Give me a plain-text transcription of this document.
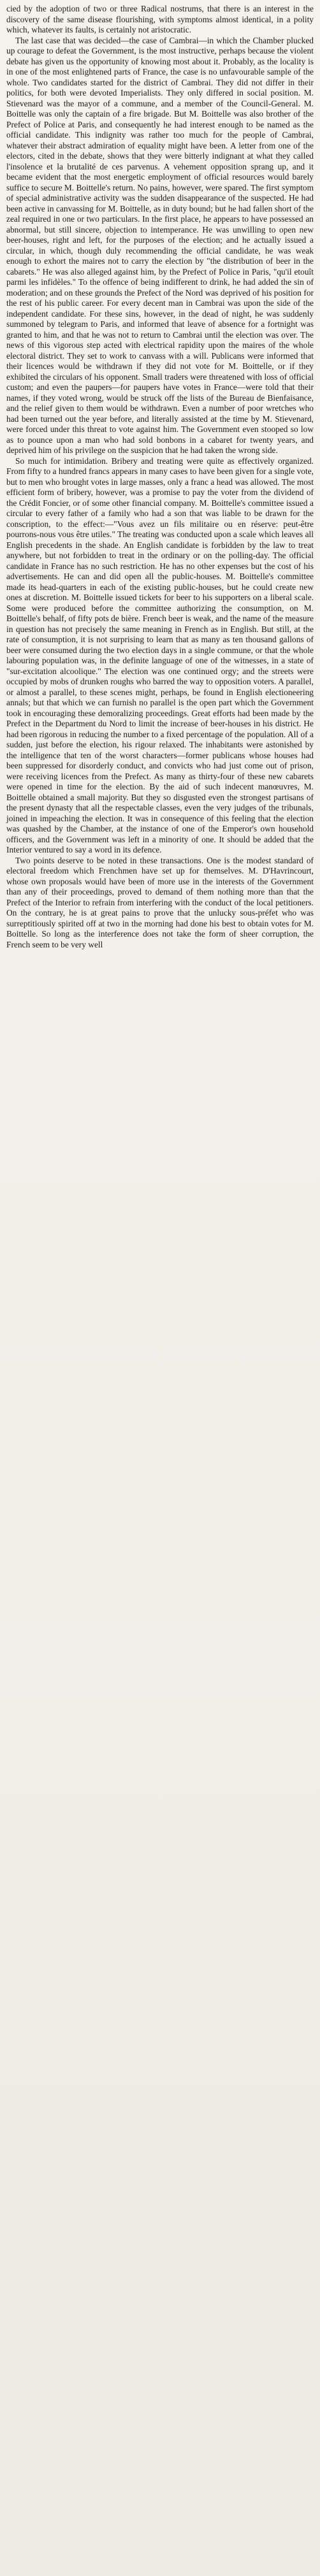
cied by the adoption of two or three Radical nostrums, that there is an interest in the discovery of the same disease flourishing, with symptoms almost identical, in a polity which, whatever its faults, is certainly not aristocratic.

The last case that was decided—the case of Cambrai—in which the Chamber plucked up courage to defeat the Government, is the most instructive, perhaps because the violent debate has given us the opportunity of knowing most about it. Probably, as the locality is in one of the most enlightened parts of France, the case is no unfavourable sample of the whole. Two candidates started for the district of Cambrai. They did not differ in their politics, for both were devoted Imperialists. They only differed in social position. M. Stievenard was the mayor of a commune, and a member of the Council-General. M. Boittelle was only the captain of a fire brigade. But M. Boittelle was also brother of the Prefect of Police at Paris, and consequently he had interest enough to be named as the official candidate. This indignity was rather too much for the people of Cambrai, whatever their abstract admiration of equality might have been. A letter from one of the electors, cited in the debate, shows that they were bitterly indignant at what they called l'insolence et la brutalité de ces parvenus. A vehement opposition sprang up, and it became evident that the most energetic employment of official resources would barely suffice to secure M. Boittelle's return. No pains, however, were spared. The first symptom of special administrative activity was the sudden disappearance of the suspected. He had been active in canvassing for M. Boittelle, as in duty bound; but he had fallen short of the zeal required in one or two particulars. In the first place, he appears to have possessed an abnormal, but still sincere, objection to intemperance. He was unwilling to open new beer-houses, right and left, for the purposes of the election; and he actually issued a circular, in which, though duly recommending the official candidate, he was weak enough to exhort the maires not to carry the election by "the distribution of beer in the cabarets." He was also alleged against him, by the Prefect of Police in Paris, "qu'il etouît parmi les infidèles." To the offence of being indifferent to drink, he had added the sin of moderation; and on these grounds the Prefect of the Nord was deprived of his position for the rest of his public career. For every decent man in Cambrai was upon the side of the independent candidate. For these sins, however, in the dead of night, he was suddenly summoned by telegram to Paris, and informed that leave of absence for a fortnight was granted to him, and that he was not to return to Cambrai until the election was over. The news of this vigorous step acted with electrical rapidity upon the maires of the whole electoral district. They set to work to canvass with a will. Publicans were informed that their licences would be withdrawn if they did not vote for M. Boittelle, or if they exhibited the circulars of his opponent. Small traders were threatened with loss of official custom; and even the paupers—for paupers have votes in France—were told that their names, if they voted wrong, would be struck off the lists of the Bureau de Bienfaisance, and the relief given to them would be withdrawn. Even a number of poor wretches who had been turned out the year before, and literally assisted at the time by M. Stievenard, were forced under this threat to vote against him. The Government even stooped so low as to pounce upon a man who had sold bonbons in a cabaret for twenty years, and deprived him of his privilege on the suspicion that he had taken the wrong side.

So much for intimidation. Bribery and treating were quite as effectively organized. From fifty to a hundred francs appears in many cases to have been given for a single vote, but to men who brought votes in large masses, only a franc a head was allowed. The most efficient form of bribery, however, was a promise to pay the voter from the dividend of the Crédit Foncier, or of some other financial company. M. Boittelle's committee issued a circular to every father of a family who had a son that was liable to be drawn for the conscription, to the effect:—"Vous avez un fils militaire ou en réserve: peut-être pourrons-nous vous être utiles." The treating was conducted upon a scale which leaves all English precedents in the shade. An English candidate is forbidden by the law to treat anywhere, but not forbidden to treat in the ordinary or on the polling-day. The official candidate in France has no such restriction. He has no other expenses but the cost of his advertisements. He can and did open all the public-houses. M. Boittelle's committee made its head-quarters in each of the existing public-houses, but he could create new ones at discretion. M. Boittelle issued tickets for beer to his supporters on a liberal scale. Some were produced before the committee authorizing the consumption, on M. Boittelle's behalf, of fifty pots de bière. French beer is weak, and the name of the measure in question has not precisely the same meaning in French as in English. But still, at the rate of consumption, it is not surprising to learn that as many as ten thousand gallons of beer were consumed during the two election days in a single commune, or that the whole labouring population was, in the definite language of one of the witnesses, in a state of "sur-excitation alcoolique." The election was one continued orgy; and the streets were occupied by mobs of drunken roughs who barred the way to opposition voters. A parallel, or almost a parallel, to these scenes might, perhaps, be found in English electioneering annals; but that which we can furnish no parallel is the open part which the Government took in encouraging these demoralizing proceedings. Great efforts had been made by the Prefect in the Department du Nord to limit the increase of beer-houses in his district. He had been rigorous in reducing the number to a fixed percentage of the population. All of a sudden, just before the election, his rigour relaxed. The inhabitants were astonished by the intelligence that ten of the worst characters—former publicans whose houses had been suppressed for disorderly conduct, and convicts who had just come out of prison, were receiving licences from the Prefect. As many as thirty-four of these new cabarets were opened in time for the election. By the aid of such indecent manœuvres, M. Boittelle obtained a small majority. But they so disgusted even the strongest partisans of the present dynasty that all the respectable classes, even the very judges of the tribunals, joined in impeaching the election. It was in consequence of this feeling that the election was quashed by the Chamber, at the instance of one of the Emperor's own household officers, and the Government was left in a minority of one. It should be added that the Interior ventured to say a word in its defence.

Two points deserve to be noted in these transactions. One is the modest standard of electoral freedom which Frenchmen have set up for themselves. M. D'Havrincourt, whose own proposals would have been of more use in the interests of the Government than any of their proceedings, proved to demand of them nothing more than that the Prefect of the Interior to refrain from interfering with the conduct of the local petitioners. On the contrary, he is at great pains to prove that the unlucky sous-préfet who was surreptitiously spirited off at two in the morning had done his best to obtain votes for M. Boittelle. So long as the interference does not take the form of sheer corruption, the French seem to be very well
